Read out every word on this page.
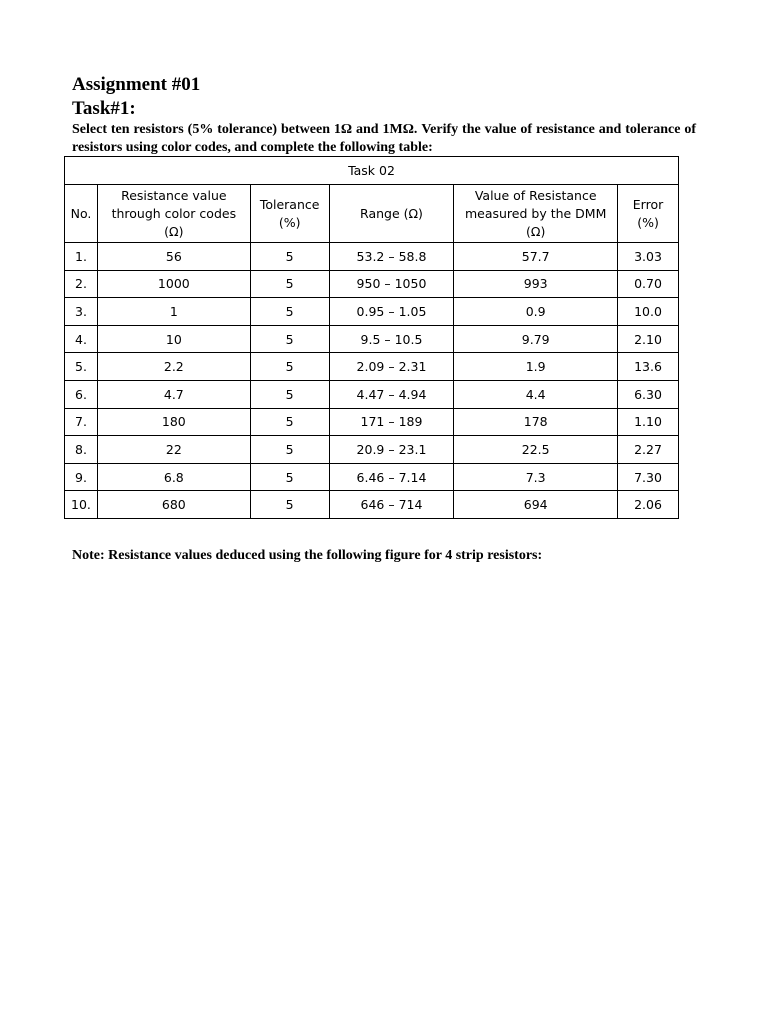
Assignment #01
Task#1:
Select ten resistors (5% tolerance) between 1Ω and 1MΩ. Verify the value of resistance and tolerance of resistors using color codes, and complete the following table:
Task 02					
No.	Resistance value through color codes (Ω)	Tolerance (%)	Range (Ω)	Value of Resistance measured by the DMM (Ω)	Error (%)
1.	56	5	53.2 – 58.8	57.7	3.03
2.	1000	5	950 – 1050	993	0.70
3.	1	5	0.95 – 1.05	0.9	10.0
4.	10	5	9.5 – 10.5	9.79	2.10
5.	2.2	5	2.09 – 2.31	1.9	13.6
6.	4.7	5	4.47 – 4.94	4.4	6.30
7.	180	5	171 – 189	178	1.10
8.	22	5	20.9 – 23.1	22.5	2.27
9.	6.8	5	6.46 – 7.14	7.3	7.30
10.	680	5	646 – 714	694	2.06
Note: Resistance values deduced using the following figure for 4 strip resistors:
